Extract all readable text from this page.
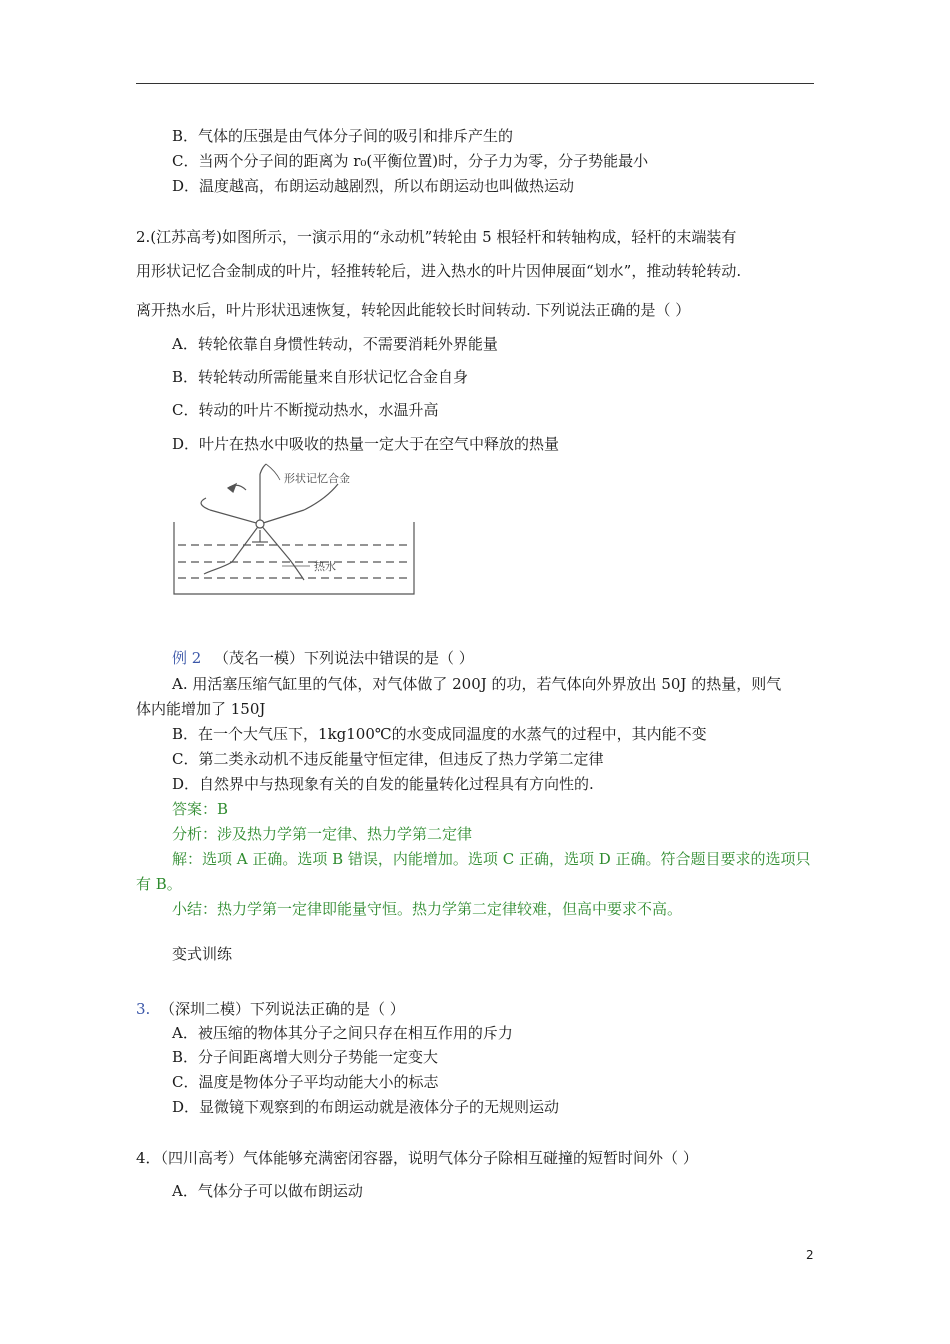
B．气体的压强是由气体分子间的吸引和排斥产生的
C．当两个分子间的距离为 r₀(平衡位置)时，分子力为零，分子势能最小
D．温度越高，布朗运动越剧烈，所以布朗运动也叫做热运动
2.(江苏高考)如图所示，一演示用的“永动机”转轮由 5 根轻杆和转轴构成，轻杆的末端装有
用形状记忆合金制成的叶片，轻推转轮后，进入热水的叶片因伸展面“划水”，推动转轮转动.
离开热水后，叶片形状迅速恢复，转轮因此能较长时间转动. 下列说法正确的是（ ）
A．转轮依靠自身惯性转动，不需要消耗外界能量
B．转轮转动所需能量来自形状记忆合金自身
C．转动的叶片不断搅动热水，水温升高
D．叶片在热水中吸收的热量一定大于在空气中释放的热量
形状记忆合金
热水
例 2 （茂名一模）下列说法中错误的是（ ）
A. 用活塞压缩气缸里的气体，对气体做了 200J 的功，若气体向外界放出 50J 的热量，则气
体内能增加了 150J
B．在一个大气压下，1kg100℃的水变成同温度的水蒸气的过程中，其内能不变
C．第二类永动机不违反能量守恒定律，但违反了热力学第二定律
D．自然界中与热现象有关的自发的能量转化过程具有方向性的.
答案：B
分析：涉及热力学第一定律、热力学第二定律
解：选项 A 正确。选项 B 错误，内能增加。选项 C 正确，选项 D 正确。符合题目要求的选项只
有 B。
小结：热力学第一定律即能量守恒。热力学第二定律较难，但高中要求不高。
变式训练
3. （深圳二模）下列说法正确的是（ ）
A．被压缩的物体其分子之间只存在相互作用的斥力
B．分子间距离增大则分子势能一定变大
C．温度是物体分子平均动能大小的标志
D．显微镜下观察到的布朗运动就是液体分子的无规则运动
4．（四川高考）气体能够充满密闭容器，说明气体分子除相互碰撞的短暂时间外（ ）
A．气体分子可以做布朗运动
2
